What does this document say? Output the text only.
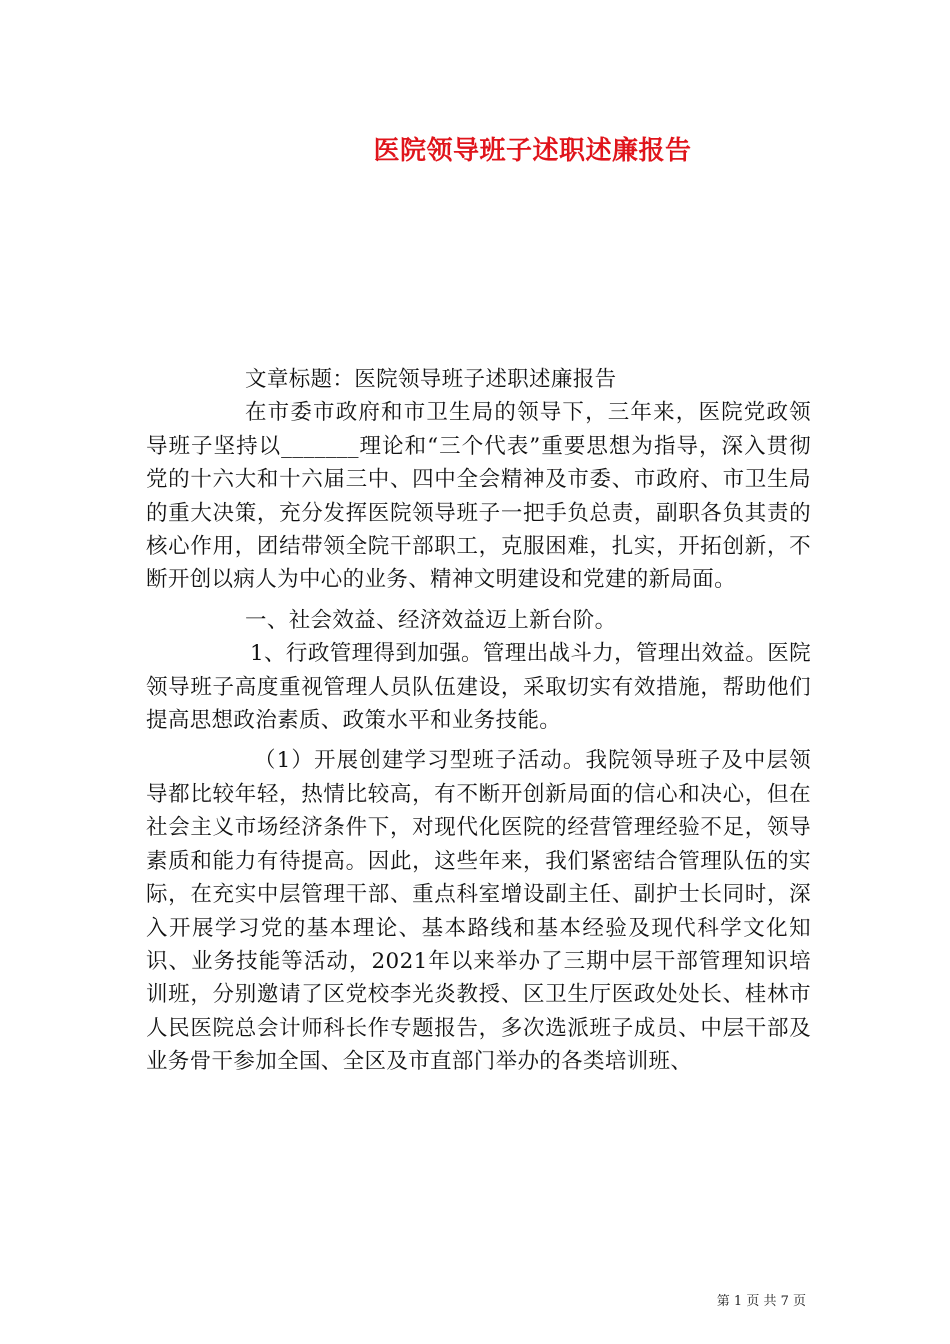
医院领导班子述职述廉报告

文章标题：医院领导班子述职述廉报告

在市委市政府和市卫生局的领导下，三年来，医院党政领导班子坚持以_______理论和“三个代表”重要思想为指导，深入贯彻党的十六大和十六届三中、四中全会精神及市委、市政府、市卫生局的重大决策，充分发挥医院领导班子一把手负总责，副职各负其责的核心作用，团结带领全院干部职工，克服困难，扎实，开拓创新，不断开创以病人为中心的业务、精神文明建设和党建的新局面。

一、社会效益、经济效益迈上新台阶。

1、行政管理得到加强。管理出战斗力，管理出效益。医院领导班子高度重视管理人员队伍建设，采取切实有效措施，帮助他们提高思想政治素质、政策水平和业务技能。

（1）开展创建学习型班子活动。我院领导班子及中层领导都比较年轻，热情比较高，有不断开创新局面的信心和决心，但在社会主义市场经济条件下，对现代化医院的经营管理经验不足，领导素质和能力有待提高。因此，这些年来，我们紧密结合管理队伍的实际，在充实中层管理干部、重点科室增设副主任、副护士长同时，深入开展学习党的基本理论、基本路线和基本经验及现代科学文化知识、业务技能等活动，2021年以来举办了三期中层干部管理知识培训班，分别邀请了区党校李光炎教授、区卫生厅医政处处长、桂林市人民医院总会计师科长作专题报告，多次选派班子成员、中层干部及业务骨干参加全国、全区及市直部门举办的各类培训班、

第 1 页 共 7 页
